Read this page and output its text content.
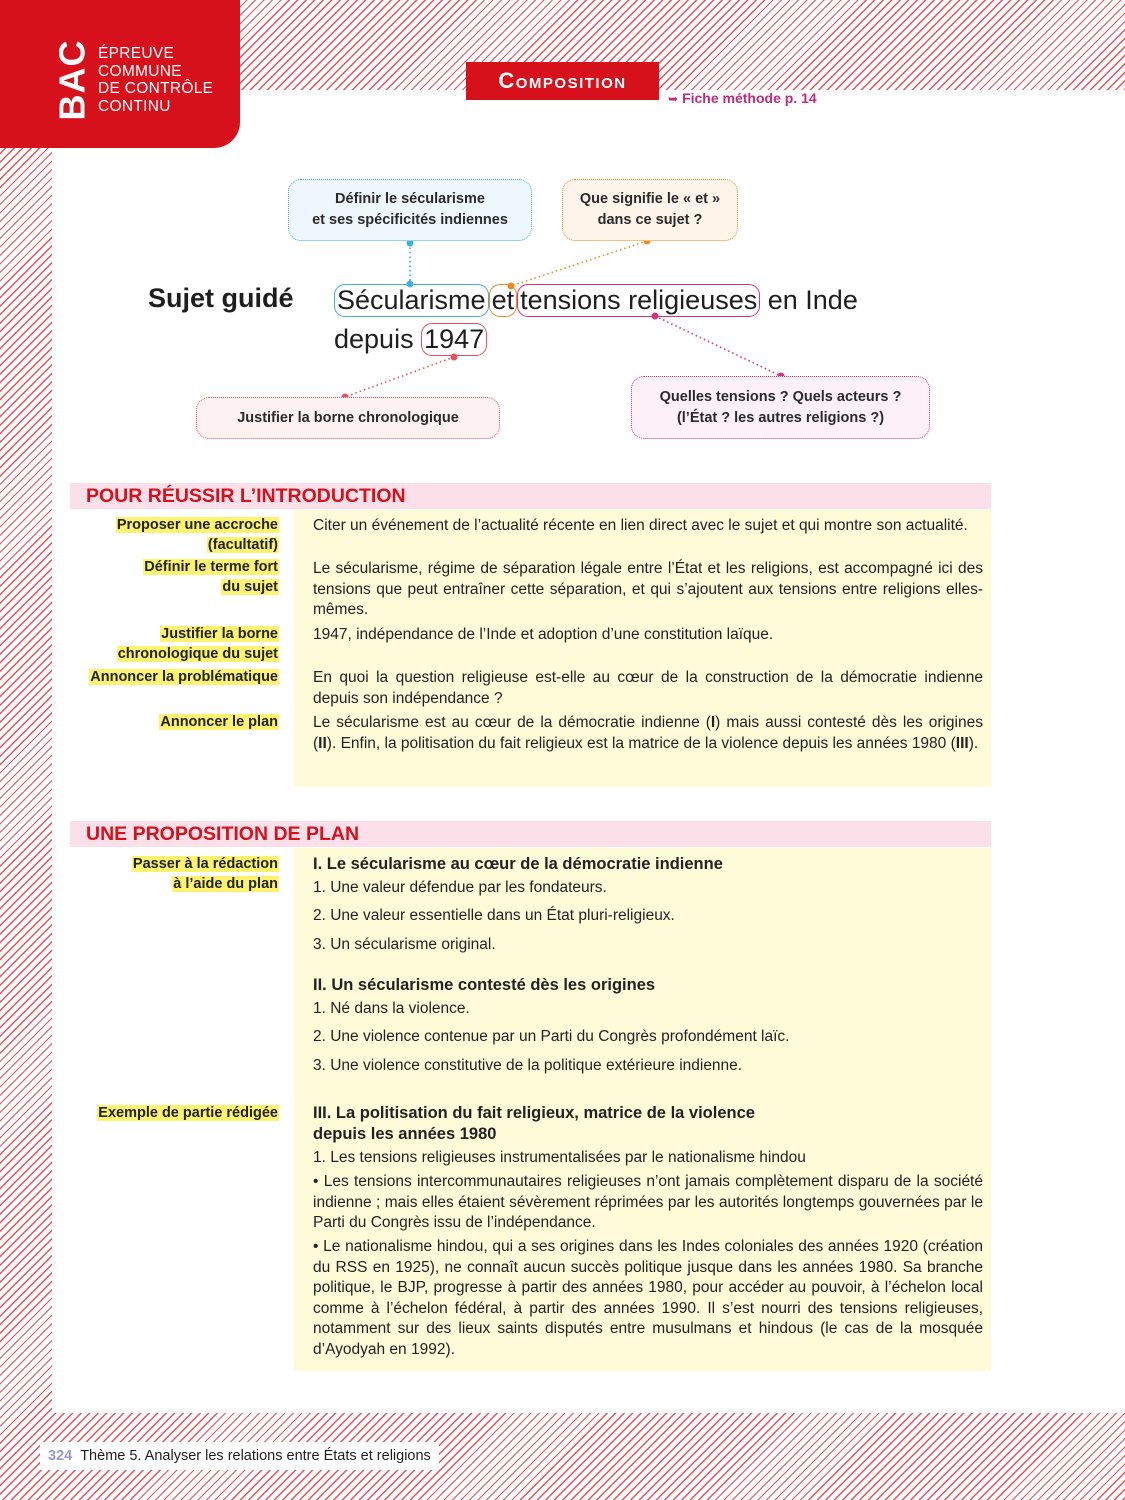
BAC ÉPREUVE
COMMUNE
DE CONTRÔLE
CONTINU
Composition
➥ Fiche méthode p. 14
Définir le sécularisme
et ses spécificités indiennes
Que signifie le « et »
dans ce sujet ?
Justifier la borne chronologique
Quelles tensions ? Quels acteurs ?
(l’État ? les autres religions ?)
Sujet guidé Sécularisme et tensions religieuses en Inde
depuis 1947
POUR RÉUSSIR L’INTRODUCTION
Proposer une accroche
(facultatif)
Citer un événement de l’actualité récente en lien direct avec le sujet et qui montre son actualité.
Définir le terme fort
du sujet
Le sécularisme, régime de séparation légale entre l’État et les religions, est accompagné ici des tensions que peut entraîner cette séparation, et qui s’ajoutent aux tensions entre religions elles-mêmes.
Justifier la borne
chronologique du sujet
1947, indépendance de l’Inde et adoption d’une constitution laïque.
Annoncer la problématique En quoi la question religieuse est-elle au cœur de la construction de la démocratie indienne depuis son indépendance ?
Annoncer le plan Le sécularisme est au cœur de la démocratie indienne (I) mais aussi contesté dès les origines (II). Enfin, la politisation du fait religieux est la matrice de la violence depuis les années 1980 (III).
UNE PROPOSITION DE PLAN
Passer à la rédaction
à l’aide du plan
I. Le sécularisme au cœur de la démocratie indienne
1. Une valeur défendue par les fondateurs.
2. Une valeur essentielle dans un État pluri-religieux.
3. Un sécularisme original.
II. Un sécularisme contesté dès les origines
1. Né dans la violence.
2. Une violence contenue par un Parti du Congrès profondément laïc.
3. Une violence constitutive de la politique extérieure indienne.
Exemple de partie rédigée III. La politisation du fait religieux, matrice de la violence
depuis les années 1980
1. Les tensions religieuses instrumentalisées par le nationalisme hindou
• Les tensions intercommunautaires religieuses n’ont jamais complètement disparu de la société indienne ; mais elles étaient sévèrement réprimées par les autorités longtemps gouvernées par le Parti du Congrès issu de l’indépendance.
• Le nationalisme hindou, qui a ses origines dans les Indes coloniales des années 1920 (création du RSS en 1925), ne connaît aucun succès politique jusque dans les années 1980. Sa branche politique, le BJP, progresse à partir des années 1980, pour accéder au pouvoir, à l’échelon local comme à l’échelon fédéral, à partir des années 1990. Il s’est nourri des tensions religieuses, notamment sur des lieux saints disputés entre musulmans et hindous (le cas de la mosquée d’Ayodyah en 1992).
324 Thème 5. Analyser les relations entre États et religions
